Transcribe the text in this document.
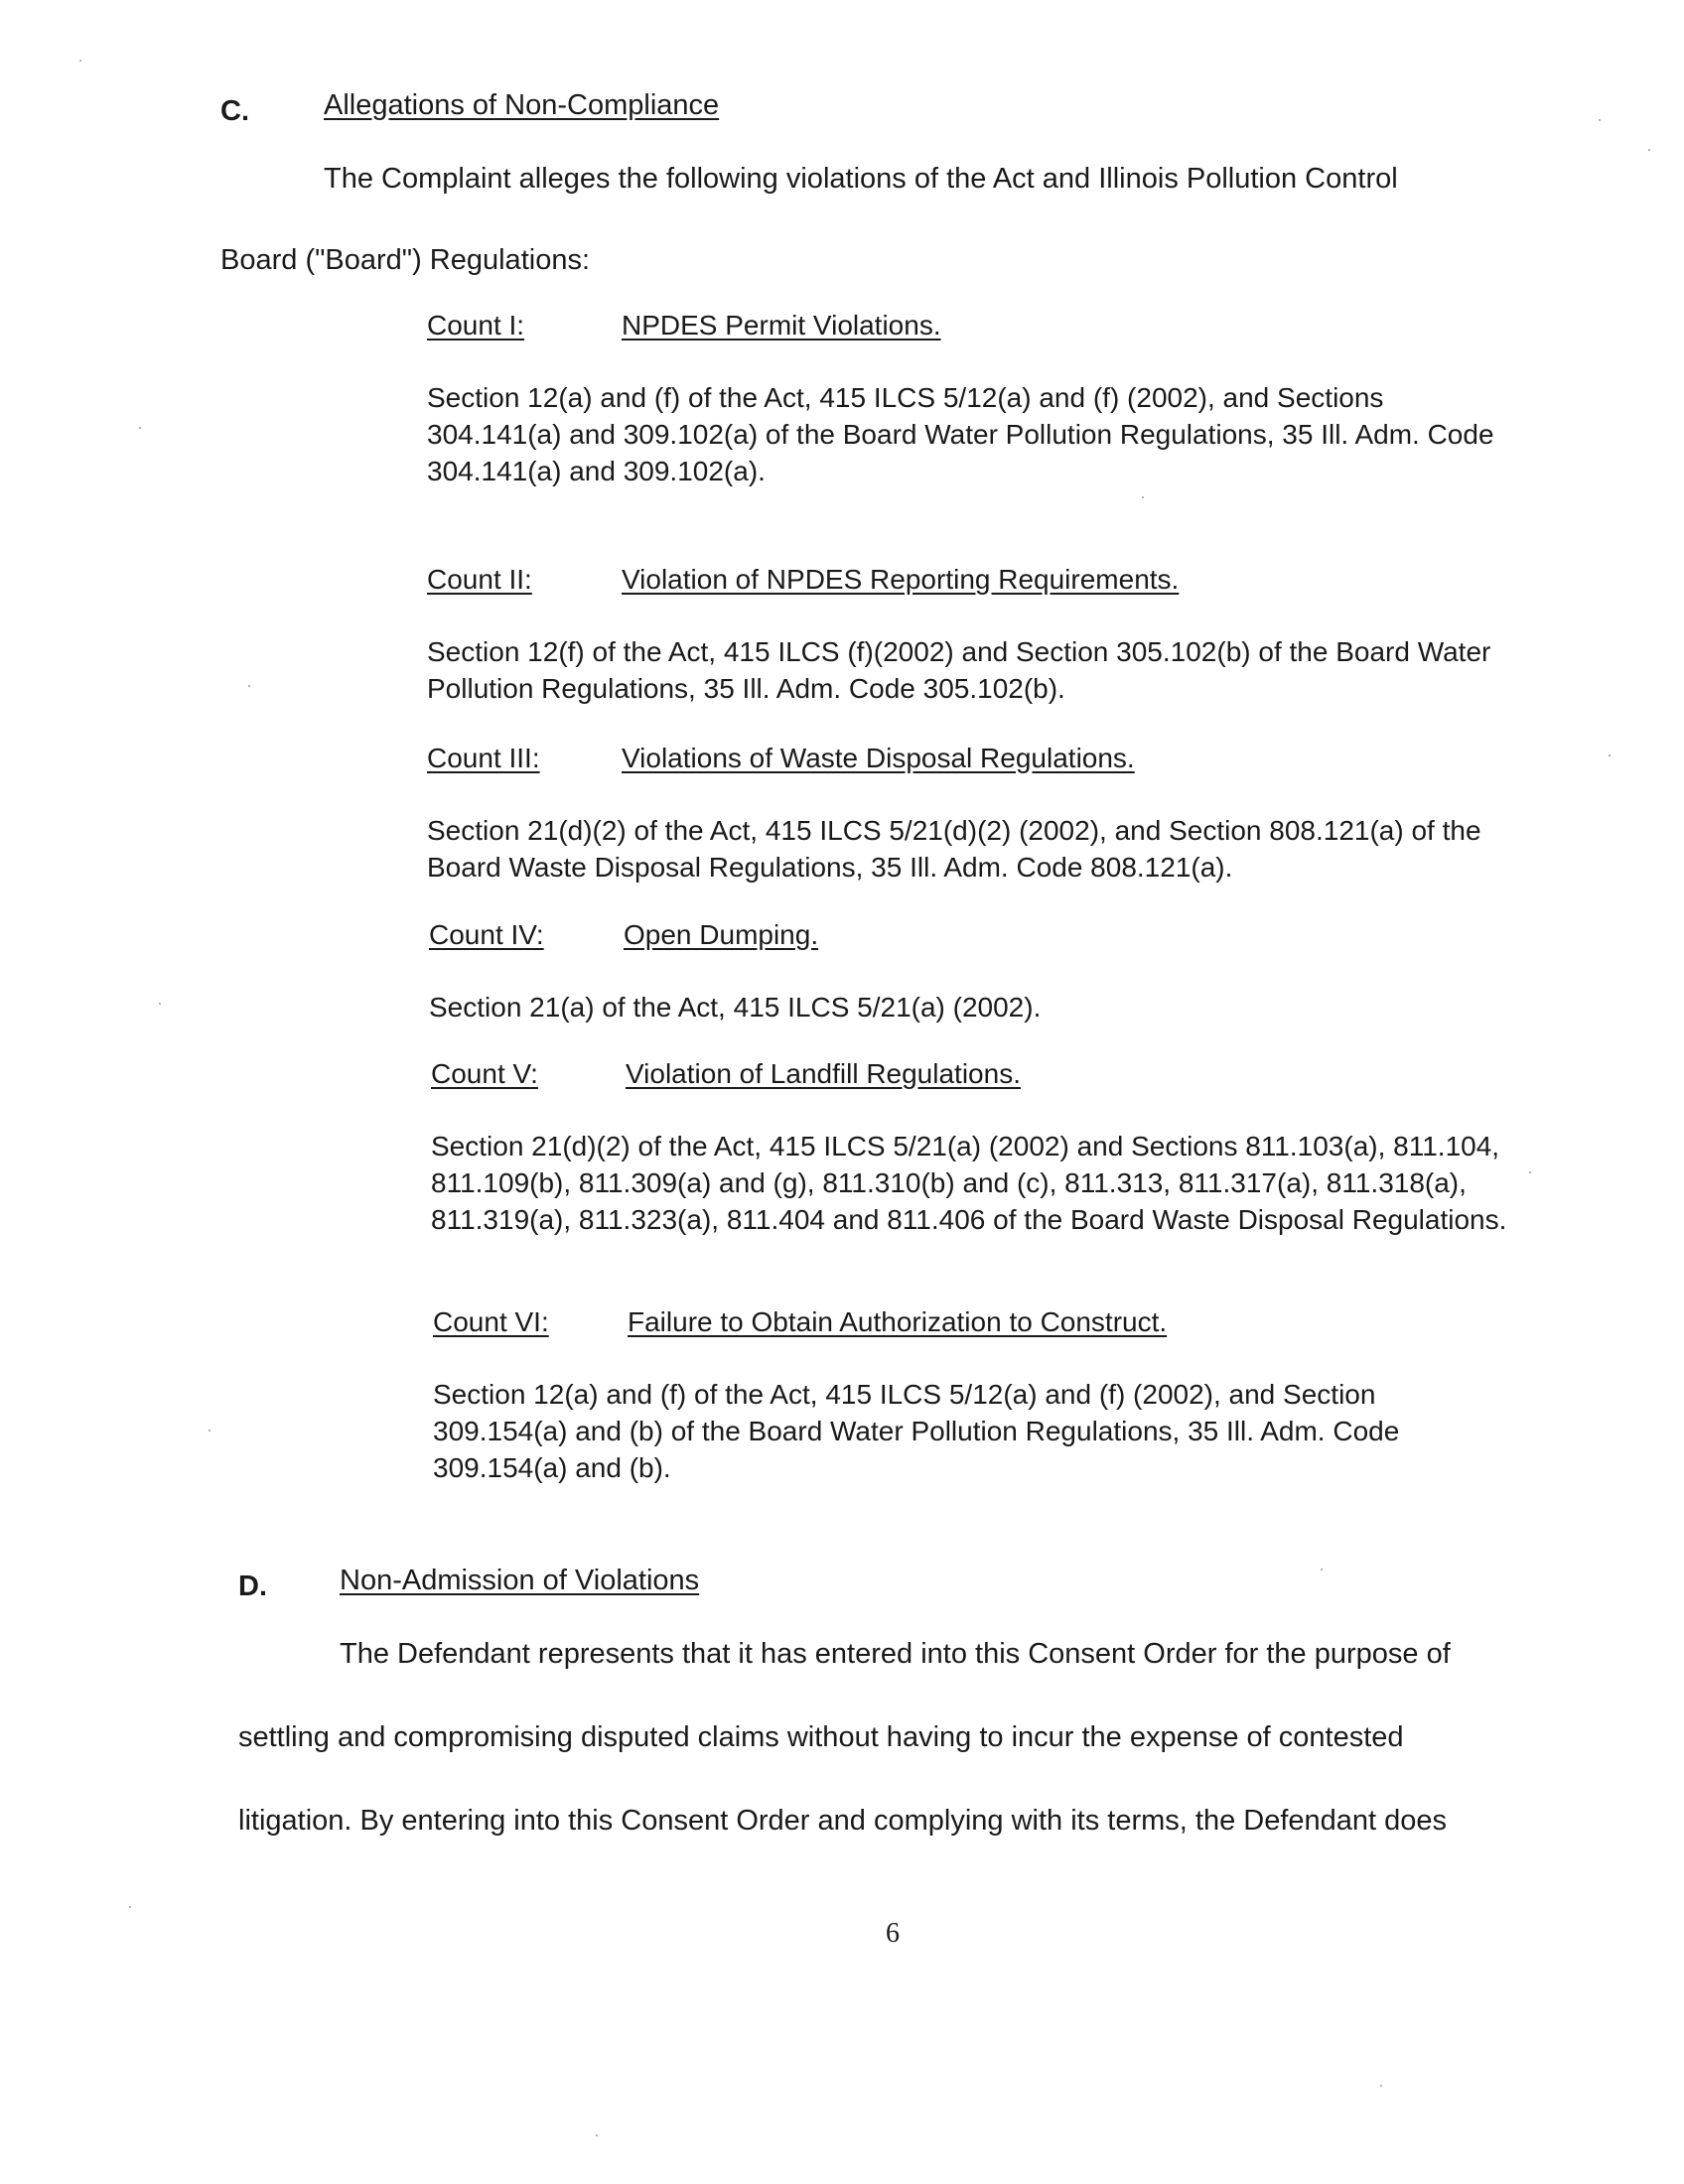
C.	Allegations of Non-Compliance
The Complaint alleges the following violations of the Act and Illinois Pollution Control
Board ("Board") Regulations:
Count I:	NPDES Permit Violations.
Section 12(a) and (f) of the Act, 415 ILCS 5/12(a) and (f) (2002), and Sections 304.141(a) and 309.102(a) of the Board Water Pollution Regulations, 35 Ill. Adm. Code 304.141(a) and 309.102(a).
Count II:	Violation of NPDES Reporting Requirements.
Section 12(f) of the Act, 415 ILCS (f)(2002) and Section 305.102(b) of the Board Water Pollution Regulations, 35 Ill. Adm. Code 305.102(b).
Count III:	Violations of Waste Disposal Regulations.
Section 21(d)(2) of the Act, 415 ILCS 5/21(d)(2) (2002), and Section 808.121(a) of the Board Waste Disposal Regulations, 35 Ill. Adm. Code 808.121(a).
Count IV:	Open Dumping.
Section 21(a) of the Act, 415 ILCS 5/21(a) (2002).
Count V:	Violation of Landfill Regulations.
Section 21(d)(2) of the Act, 415 ILCS 5/21(a) (2002) and Sections 811.103(a), 811.104, 811.109(b), 811.309(a) and (g), 811.310(b) and (c), 811.313, 811.317(a), 811.318(a), 811.319(a), 811.323(a), 811.404 and 811.406 of the Board Waste Disposal Regulations.
Count VI:	Failure to Obtain Authorization to Construct.
Section 12(a) and (f) of the Act, 415 ILCS 5/12(a) and (f) (2002), and Section 309.154(a) and (b) of the Board Water Pollution Regulations, 35 Ill. Adm. Code 309.154(a) and (b).
D.	Non-Admission of Violations
The Defendant represents that it has entered into this Consent Order for the purpose of
settling and compromising disputed claims without having to incur the expense of contested
litigation. By entering into this Consent Order and complying with its terms, the Defendant does
6
